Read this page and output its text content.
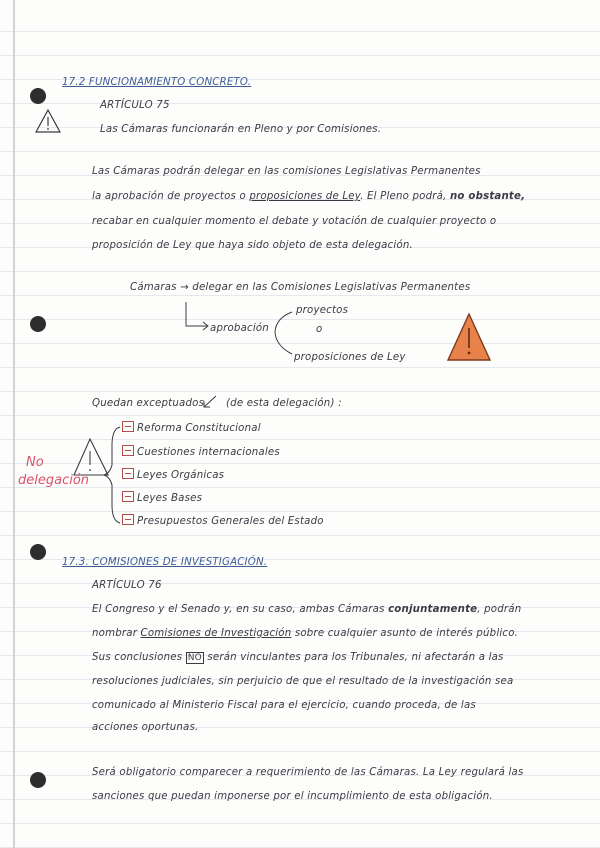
17.2 FUNCIONAMIENTO CONCRETO.
ARTÍCULO 75
Las Cámaras funcionarán en Pleno y por Comisiones.
Las Cámaras podrán delegar en las comisiones Legislativas Permanentes
la aprobación de proyectos o proposiciones de Ley. El Pleno podrá, no obstante,
recabar en cualquier momento el debate y votación de cualquier proyecto o
proposición de Ley que haya sido objeto de esta delegación.
Cámaras → delegar en las Comisiones Legislativas Permanentes
aprobación
proyectos
o
proposiciones de Ley
Quedan exceptuados (de esta delegación) :
No
delegación
Reforma Constitucional
Cuestiones internacionales
Leyes Orgánicas
Leyes Bases
Presupuestos Generales del Estado
17.3. COMISIONES DE INVESTIGACIÓN.
ARTÍCULO 76
El Congreso y el Senado y, en su caso, ambas Cámaras conjuntamente, podrán
nombrar Comisiones de Investigación sobre cualquier asunto de interés público.
Sus conclusiones NO serán vinculantes para los Tribunales, ni afectarán a las
resoluciones judiciales, sin perjuicio de que el resultado de la investigación sea
comunicado al Ministerio Fiscal para el ejercicio, cuando proceda, de las
acciones oportunas.
Será obligatorio comparecer a requerimiento de las Cámaras. La Ley regulará las
sanciones que puedan imponerse por el incumplimiento de esta obligación.
